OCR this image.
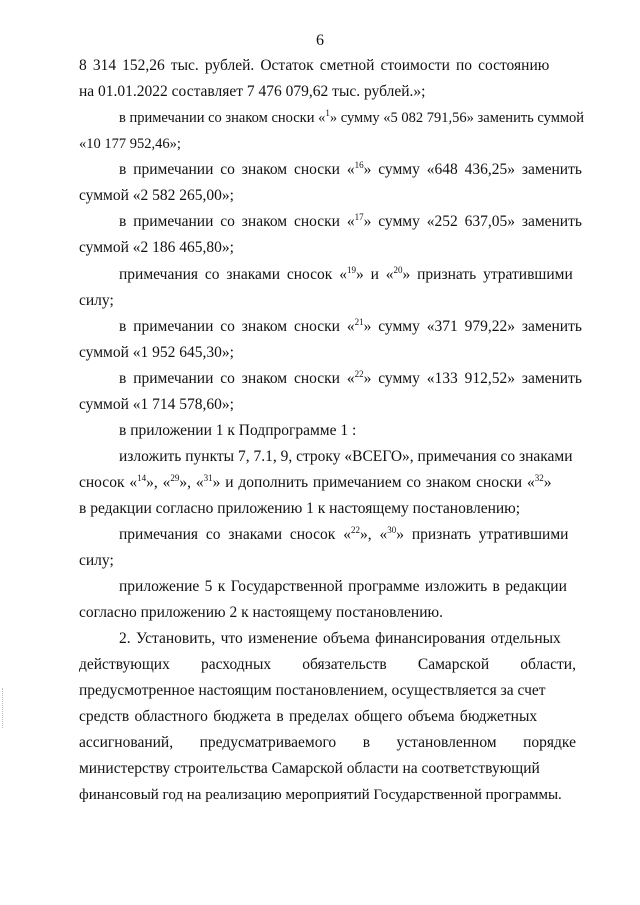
6
8 314 152,26 тыс. рублей. Остаток сметной стоимости по состоянию
на 01.01.2022 составляет 7 476 079,62 тыс. рублей.»;
в примечании со знаком сноски «$^1$» сумму «5 082 791,56» заменить суммой
«10 177 952,46»;
в примечании со знаком сноски «$^{16}$» сумму «648 436,25» заменить
суммой «2 582 265,00»;
в примечании со знаком сноски «$^{17}$» сумму «252 637,05» заменить
суммой «2 186 465,80»;
примечания со знаками сносок «$^{19}$» и «$^{20}$» признать утратившими
силу;
в примечании со знаком сноски «$^{21}$» сумму «371 979,22» заменить
суммой «1 952 645,30»;
в примечании со знаком сноски «$^{22}$» сумму «133 912,52» заменить
суммой «1 714 578,60»;
в приложении 1 к Подпрограмме 1 :
изложить пункты 7, 7.1, 9, строку «ВСЕГО», примечания со знаками
сносок «$^{14}$», «$^{29}$», «$^{31}$» и дополнить примечанием со знаком сноски «$^{32}$»
в редакции согласно приложению 1 к настоящему постановлению;
примечания со знаками сносок «$^{22}$», «$^{30}$» признать утратившими
силу;
приложение 5 к Государственной программе изложить в редакции
согласно приложению 2 к настоящему постановлению.
2. Установить, что изменение объема финансирования отдельных
действующих расходных обязательств Самарской области,
предусмотренное настоящим постановлением, осуществляется за счет
средств областного бюджета в пределах общего объема бюджетных
ассигнований, предусматриваемого в установленном порядке
министерству строительства Самарской области на соответствующий
финансовый год на реализацию мероприятий Государственной программы.
